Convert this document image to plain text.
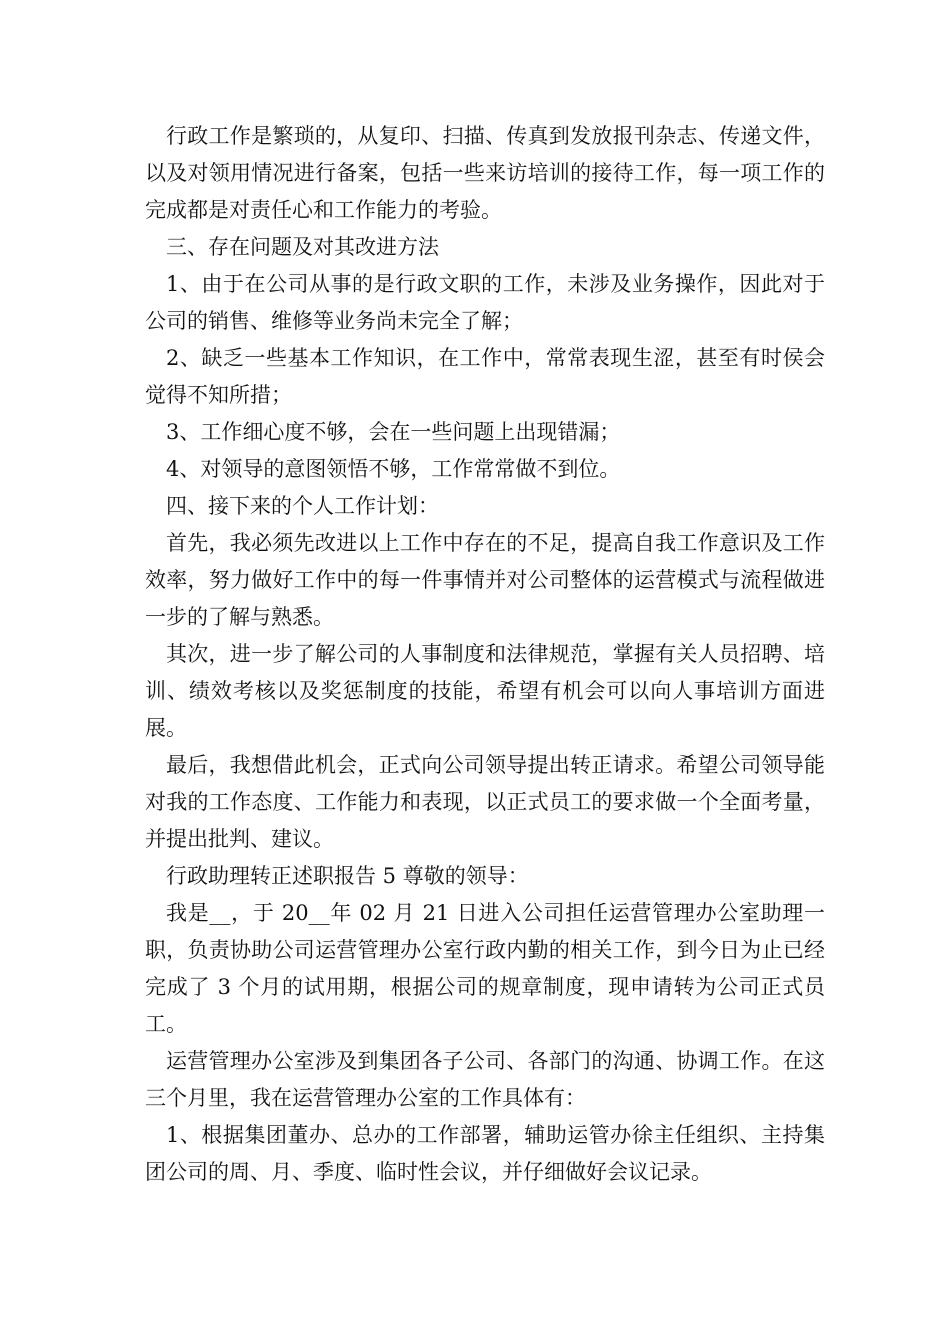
行政工作是繁琐的，从复印、扫描、传真到发放报刊杂志、传递文件，以及对领用情况进行备案，包括一些来访培训的接待工作，每一项工作的完成都是对责任心和工作能力的考验。

三、存在问题及对其改进方法

1、由于在公司从事的是行政文职的工作，未涉及业务操作，因此对于公司的销售、维修等业务尚未完全了解；

2、缺乏一些基本工作知识，在工作中，常常表现生涩，甚至有时侯会觉得不知所措；

3、工作细心度不够，会在一些问题上出现错漏；

4、对领导的意图领悟不够，工作常常做不到位。

四、接下来的个人工作计划：

首先，我必须先改进以上工作中存在的不足，提高自我工作意识及工作效率，努力做好工作中的每一件事情并对公司整体的运营模式与流程做进一步的了解与熟悉。

其次，进一步了解公司的人事制度和法律规范，掌握有关人员招聘、培训、绩效考核以及奖惩制度的技能，希望有机会可以向人事培训方面进展。

最后，我想借此机会，正式向公司领导提出转正请求。希望公司领导能对我的工作态度、工作能力和表现，以正式员工的要求做一个全面考量，并提出批判、建议。

行政助理转正述职报告 5 尊敬的领导：

我是__，于 20__年 02 月 21 日进入公司担任运营管理办公室助理一职，负责协助公司运营管理办公室行政内勤的相关工作，到今日为止已经完成了 3 个月的试用期，根据公司的规章制度，现申请转为公司正式员工。

运营管理办公室涉及到集团各子公司、各部门的沟通、协调工作。在这三个月里，我在运营管理办公室的工作具体有：

1、根据集团董办、总办的工作部署，辅助运管办徐主任组织、主持集团公司的周、月、季度、临时性会议，并仔细做好会议记录。
